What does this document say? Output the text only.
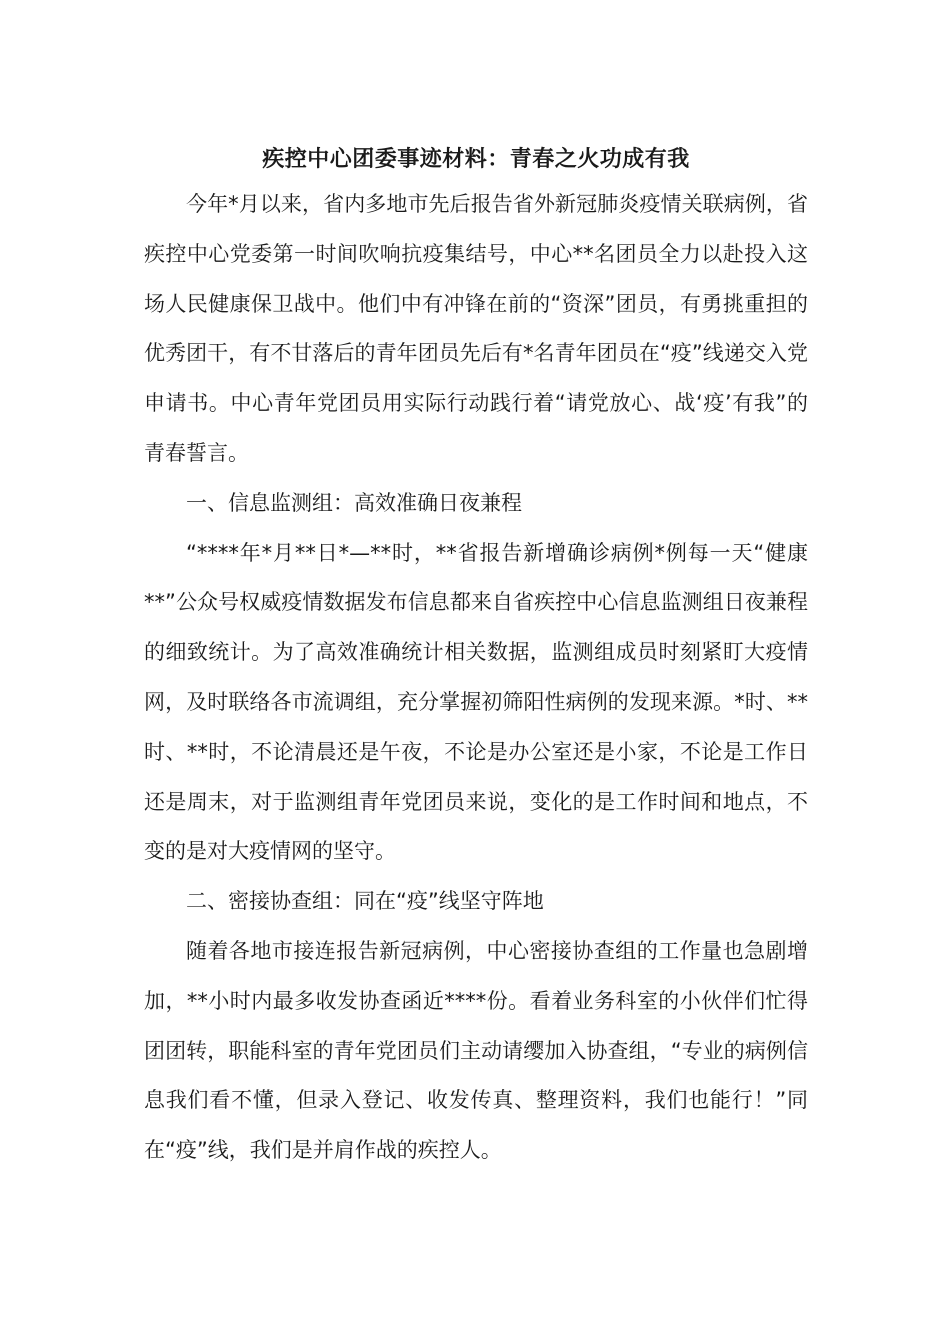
疾控中心团委事迹材料：青春之火功成有我

今年*月以来，省内多地市先后报告省外新冠肺炎疫情关联病例，省疾控中心党委第一时间吹响抗疫集结号，中心**名团员全力以赴投入这场人民健康保卫战中。他们中有冲锋在前的“资深”团员，有勇挑重担的优秀团干，有不甘落后的青年团员先后有*名青年团员在“疫”线递交入党申请书。中心青年党团员用实际行动践行着“请党放心、战‘疫’有我”的青春誓言。

一、信息监测组：高效准确日夜兼程

“****年*月**日*—**时，**省报告新增确诊病例*例每一天“健康**”公众号权威疫情数据发布信息都来自省疾控中心信息监测组日夜兼程的细致统计。为了高效准确统计相关数据，监测组成员时刻紧盯大疫情网，及时联络各市流调组，充分掌握初筛阳性病例的发现来源。*时、**时、**时，不论清晨还是午夜，不论是办公室还是小家，不论是工作日还是周末，对于监测组青年党团员来说，变化的是工作时间和地点，不变的是对大疫情网的坚守。

二、密接协查组：同在“疫”线坚守阵地

随着各地市接连报告新冠病例，中心密接协查组的工作量也急剧增加，**小时内最多收发协查函近****份。看着业务科室的小伙伴们忙得团团转，职能科室的青年党团员们主动请缨加入协查组，“专业的病例信息我们看不懂，但录入登记、收发传真、整理资料，我们也能行！”同在“疫”线，我们是并肩作战的疾控人。
